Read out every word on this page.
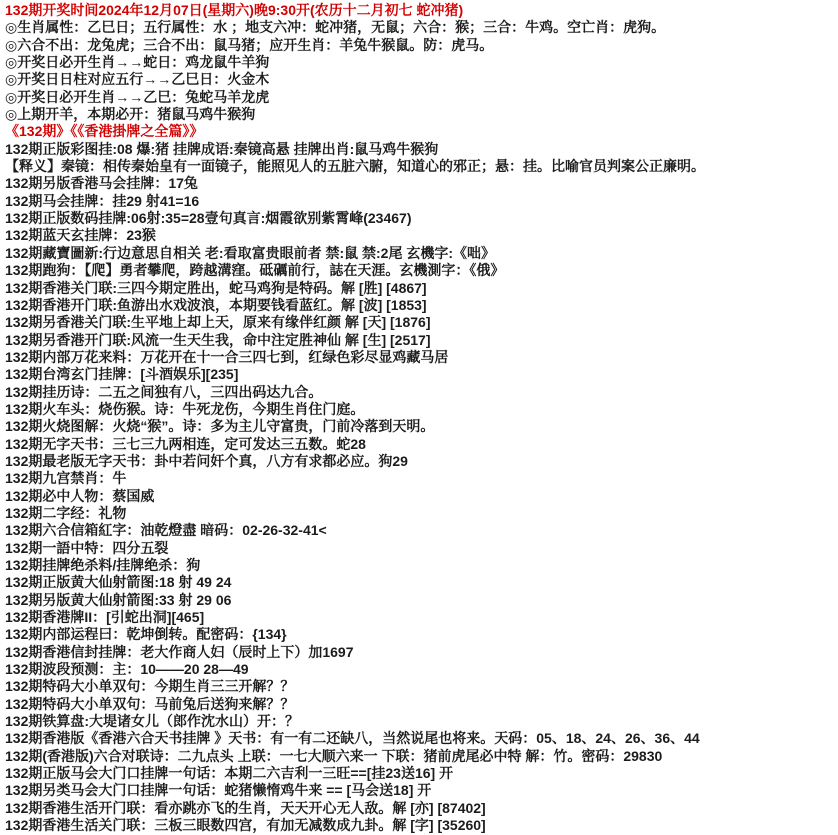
132期开奖时间2024年12月07日(星期六)晚9:30开(农历十二月初七 蛇冲猪)
◎生肖属性：乙巳日；五行属性：水 ；地支六冲：蛇冲猪，无鼠；六合：猴；三合：牛鸡。空亡肖：虎狗。
◎六合不出：龙兔虎；三合不出：鼠马猪；应开生肖：羊兔牛猴鼠。防：虎马。
◎开奖日必开生肖→→蛇日：鸡龙鼠牛羊狗
◎开奖日日柱对应五行→→乙巳日：火金木
◎开奖日必开生肖→→乙巳：兔蛇马羊龙虎
◎上期开羊，本期必开：猪鼠马鸡牛猴狗
《132期》《《香港掛牌之全篇》》
132期正版彩图挂:08 爆:猪 挂牌成语:秦镜高悬 挂牌出肖:鼠马鸡牛猴狗
【释义】秦镜：相传秦始皇有一面镜子，能照见人的五脏六腑，知道心的邪正；悬：挂。比喻官员判案公正廉明。
132期另版香港马会挂牌：17兔
132期马会挂牌：挂29 射41=16
132期正版数码挂牌:06射:35=28壹句真言:烟霞欲别紫霄峰(23467)
132期蓝天玄挂牌：23猴
132期藏寶圖新:行边意思自相关 老:看取富贵眼前者 禁:鼠 禁:2尾 玄機字:《咄》
132期跑狗：【爬】勇者攀爬，跨越溝窪。砥礪前行，誌在天涯。玄機測字：《俄》
132期香港关门联:三四今期定胜出，蛇马鸡狗是特码。解 [胜] [4867]
132期香港开门联:鱼游出水戏波浪，本期要钱看蓝红。解 [波] [1853]
132期另香港关门联:生平地上却上天，原来有缘伴红颜 解 [天] [1876]
132期另香港开门联:风流一生天生我，命中注定胜神仙 解 [生] [2517]
132期内部万花来料：万花开在十一合三四七到，红绿色彩尽显鸡藏马居
132期台湾玄门挂牌：[斗酒娱乐][235]
132期挂历诗：二五之间独有八，三四出码达九合。
132期火车头：烧伤猴。诗：牛死龙伤，今期生肖住门庭。
132期火烧图解：火烧“猴”。诗：多为主儿守富贵，门前冷落到天明。
132期无字天书：三七三九两相连，定可发达三五数。蛇28
132期最老版无字天书：卦中若问奸个真，八方有求都必应。狗29
132期九宫禁肖：牛
132期必中人物：蔡国威
132期二字经：礼物
132期六合信箱紅字：油乾燈盡 暗码：02-26-32-41<
132期一語中特：四分五裂
132期挂牌绝杀料/挂牌绝杀：狗
132期正版黄大仙射箭图:18 射 49 24
132期另版黄大仙射箭图:33 射 29 06
132期香港牌II：[引蛇出洞][465]
132期内部运程曰：乾坤倒转。配密码：{134}
132期香港信封挂牌：老大作商人妇（辰时上下）加1697
132期波段预测：主：10——20 28—49
132期特码大小单双句：今期生肖三三开解？？
132期特码大小单双句：马前兔后送狗来解？？
132期铁算盘:大堤诸女儿（郎作沈水山）开：？
132期香港版《香港六合天书挂牌 》天书：有一有二还缺八，当然说尾也将来。天码：05、18、24、26、36、44
132期(香港版)六合对联诗：二九点头 上联：一七大顺六来一 下联：猪前虎尾必中特 解：竹。密码：29830
132期正版马会大门口挂牌一句话：本期二六吉利一三旺==[挂23送16] 开
132期另类马会大门口挂牌一句话：蛇猪懒惰鸡牛来 == [马会送18] 开
132期香港生活开门联：看亦跳亦飞的生肖，天天开心无人敌。解 [亦] [87402]
132期香港生活关门联：三板三眼数四宫，有加无减数成九卦。解 [字] [35260]
